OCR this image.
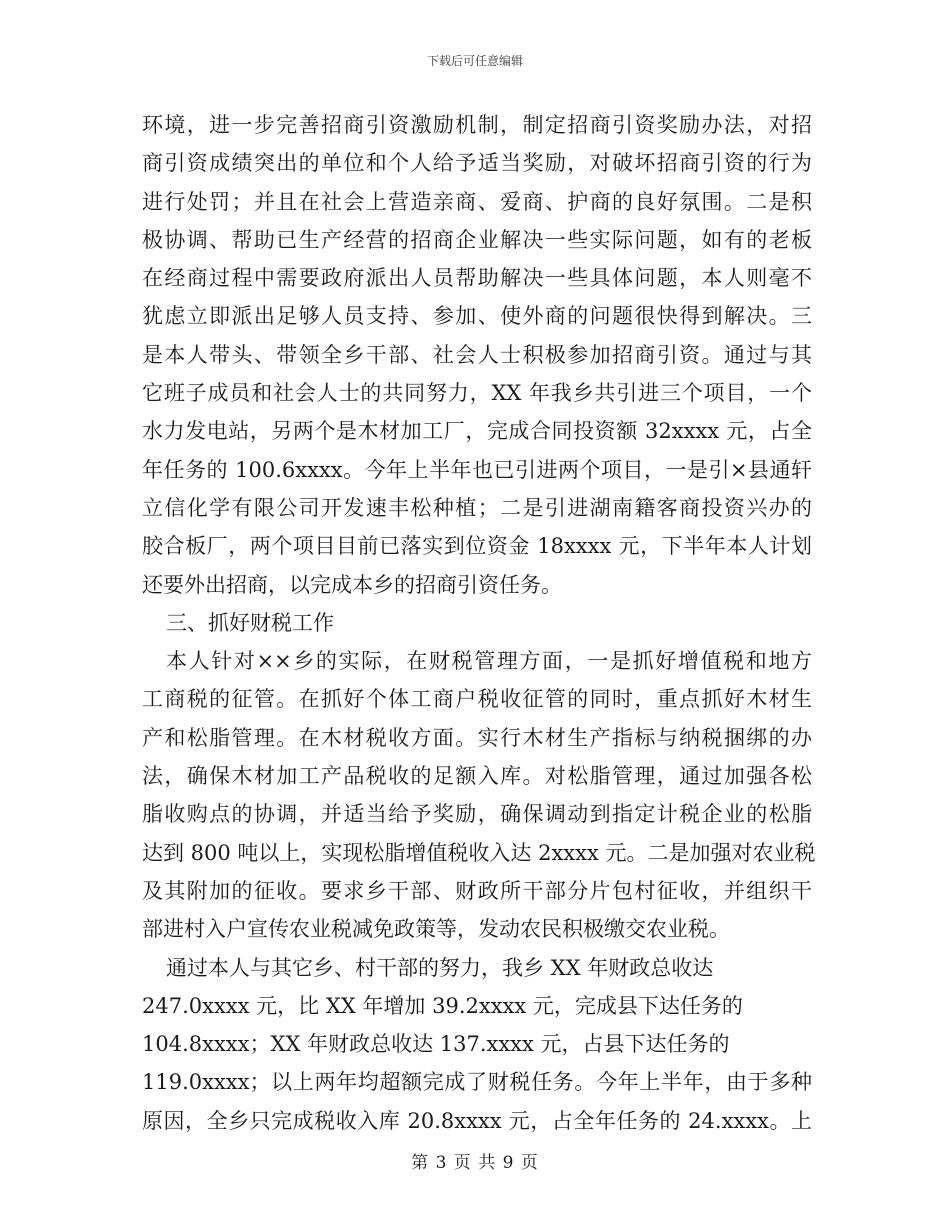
下载后可任意编辑
环境，进一步完善招商引资激励机制，制定招商引资奖励办法，对招
商引资成绩突出的单位和个人给予适当奖励，对破坏招商引资的行为
进行处罚；并且在社会上营造亲商、爱商、护商的良好氛围。二是积
极协调、帮助已生产经营的招商企业解决一些实际问题，如有的老板
在经商过程中需要政府派出人员帮助解决一些具体问题，本人则毫不
犹虑立即派出足够人员支持、参加、使外商的问题很快得到解决。三
是本人带头、带领全乡干部、社会人士积极参加招商引资。通过与其
它班子成员和社会人士的共同努力，XX 年我乡共引进三个项目，一个
水力发电站，另两个是木材加工厂，完成合同投资额 32xxxx 元，占全
年任务的 100.6xxxx。今年上半年也已引进两个项目，一是引×县通轩
立信化学有限公司开发速丰松种植；二是引进湖南籍客商投资兴办的
胶合板厂，两个项目目前已落实到位资金 18xxxx 元，下半年本人计划
还要外出招商，以完成本乡的招商引资任务。
三、抓好财税工作
本人针对××乡的实际，在财税管理方面，一是抓好增值税和地方
工商税的征管。在抓好个体工商户税收征管的同时，重点抓好木材生
产和松脂管理。在木材税收方面。实行木材生产指标与纳税捆绑的办
法，确保木材加工产品税收的足额入库。对松脂管理，通过加强各松
脂收购点的协调，并适当给予奖励，确保调动到指定计税企业的松脂
达到 800 吨以上，实现松脂增值税收入达 2xxxx 元。二是加强对农业税
及其附加的征收。要求乡干部、财政所干部分片包村征收，并组织干
部进村入户宣传农业税减免政策等，发动农民积极缴交农业税。
通过本人与其它乡、村干部的努力，我乡 XX 年财政总收达
247.0xxxx 元，比 XX 年增加 39.2xxxx 元，完成县下达任务的
104.8xxxx；XX 年财政总收达 137.xxxx 元，占县下达任务的
119.0xxxx；以上两年均超额完成了财税任务。今年上半年，由于多种
原因，全乡只完成税收入库 20.8xxxx 元，占全年任务的 24.xxxx。上
第 3 页 共 9 页
